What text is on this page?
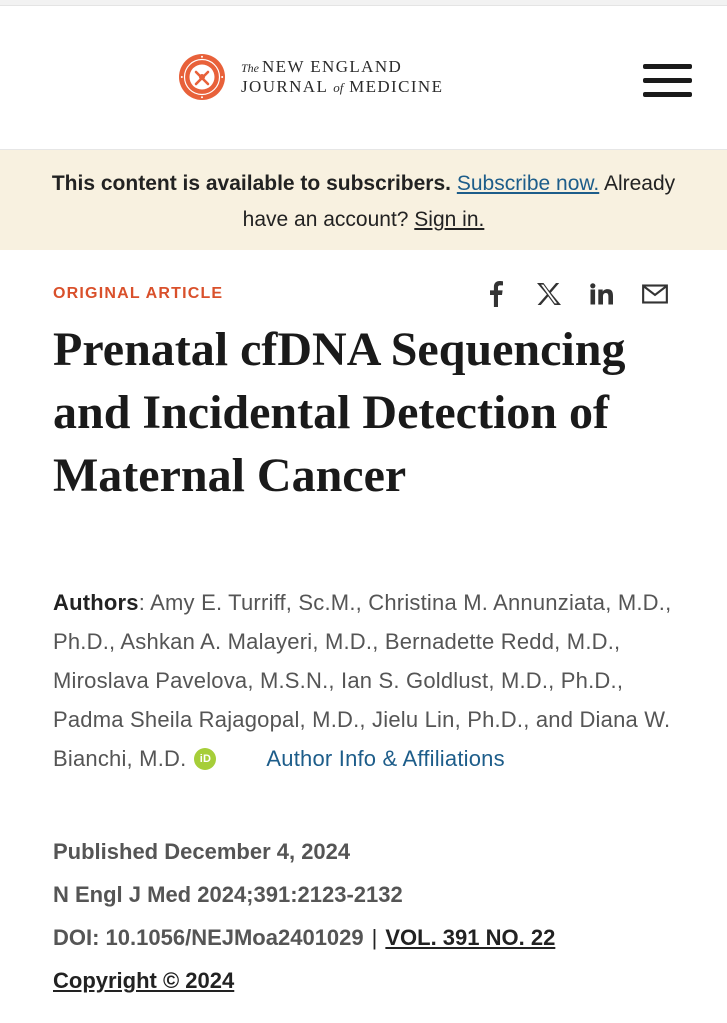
The NEW ENGLAND
JOURNAL of MEDICINE
This content is available to subscribers. Subscribe now. Already have an account? Sign in.
ORIGINAL ARTICLE
Prenatal cfDNA Sequencing and Incidental Detection of Maternal Cancer
Authors: Amy E. Turriff, Sc.M., Christina M. Annunziata, M.D., Ph.D., Ashkan A. Malayeri, M.D., Bernadette Redd, M.D., Miroslava Pavelova, M.S.N., Ian S. Goldlust, M.D., Ph.D., Padma Sheila Rajagopal, M.D., Jielu Lin, Ph.D., and Diana W. Bianchi, M.D. iD	Author Info & Affiliations
Published December 4, 2024
N Engl J Med 2024;391:2123-2132
DOI: 10.1056/NEJMoa2401029 | VOL. 391 NO. 22
Copyright © 2024
